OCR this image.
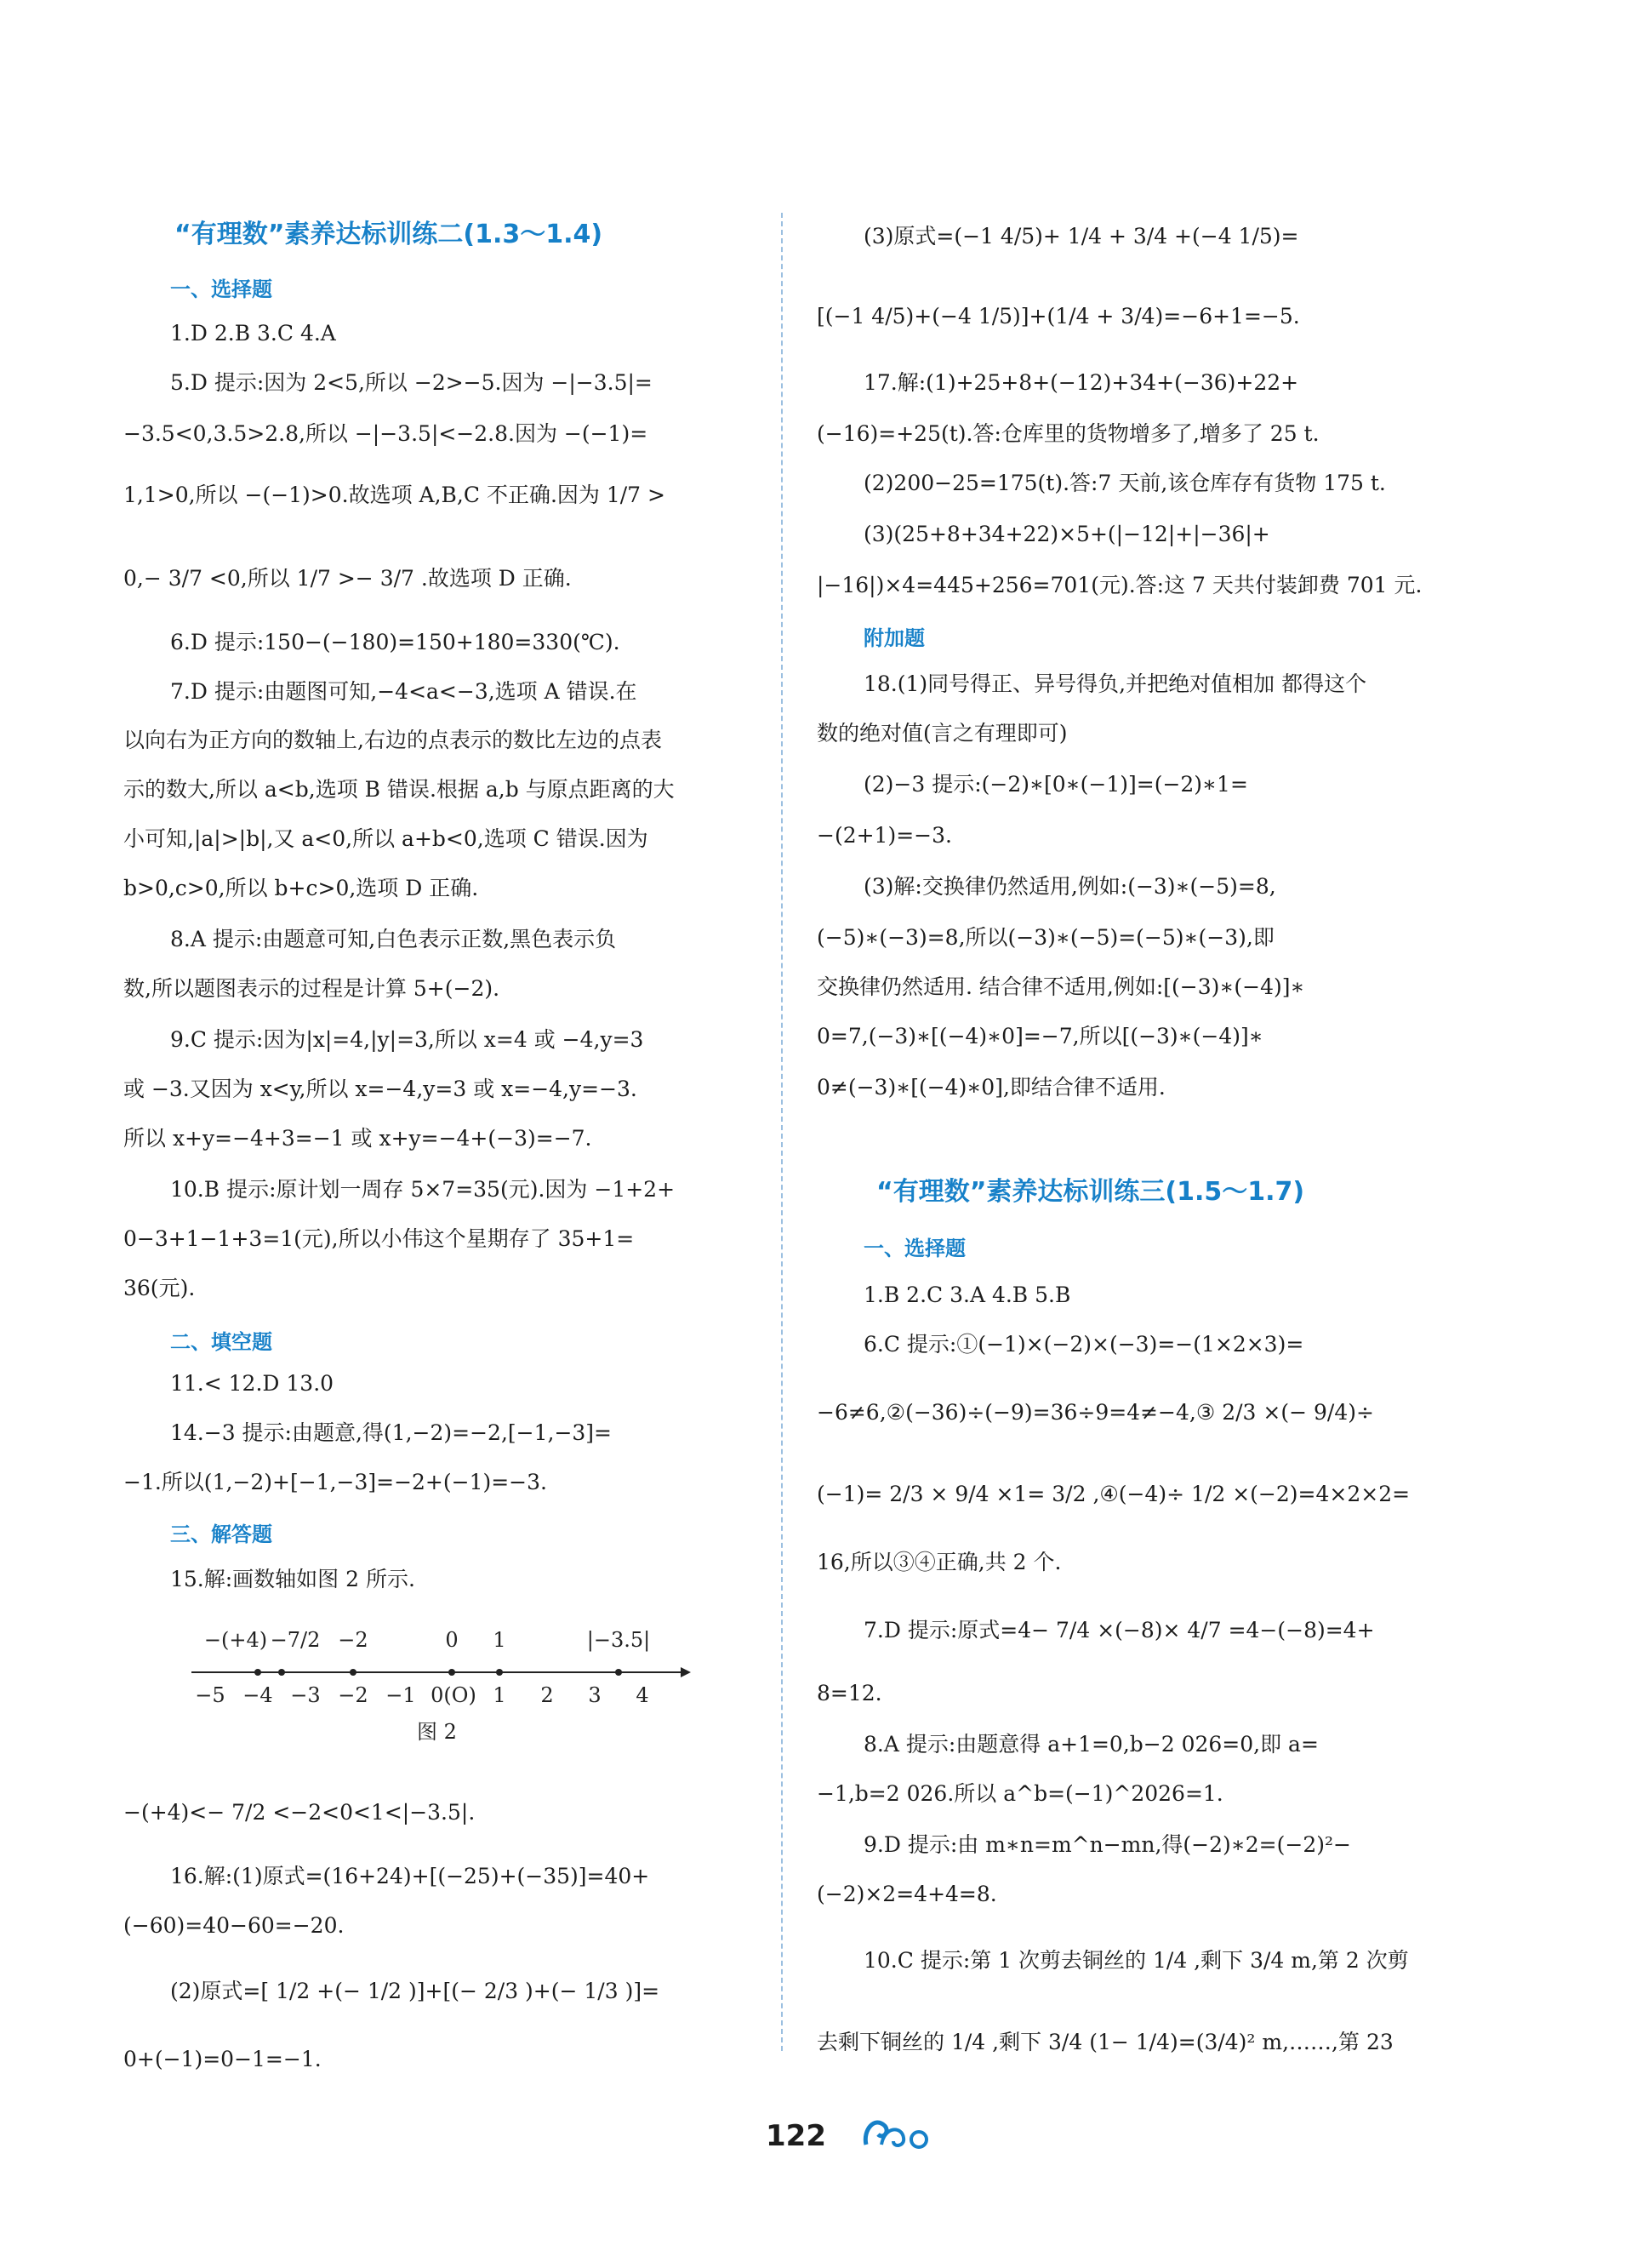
“有理数”素养达标训练二(1.3～1.4)
一、选择题
1.D 2.B 3.C 4.A
5.D 提示:因为 2<5,所以 −2>−5.因为 −|−3.5|=
−3.5<0,3.5>2.8,所以 −|−3.5|<−2.8.因为 −(−1)=
1,1>0,所以 −(−1)>0.故选项 A,B,C 不正确.因为 1/7 >
0,− 3/7 <0,所以 1/7 >− 3/7 .故选项 D 正确.
6.D 提示:150−(−180)=150+180=330(℃).
7.D 提示:由题图可知,−4<a<−3,选项 A 错误.在
以向右为正方向的数轴上,右边的点表示的数比左边的点表
示的数大,所以 a<b,选项 B 错误.根据 a,b 与原点距离的大
小可知,|a|>|b|,又 a<0,所以 a+b<0,选项 C 错误.因为
b>0,c>0,所以 b+c>0,选项 D 正确.
8.A 提示:由题意可知,白色表示正数,黑色表示负
数,所以题图表示的过程是计算 5+(−2).
9.C 提示:因为|x|=4,|y|=3,所以 x=4 或 −4,y=3
或 −3.又因为 x<y,所以 x=−4,y=3 或 x=−4,y=−3.
所以 x+y=−4+3=−1 或 x+y=−4+(−3)=−7.
10.B 提示:原计划一周存 5×7=35(元).因为 −1+2+
0−3+1−1+3=1(元),所以小伟这个星期存了 35+1=
36(元).
二、填空题
11.< 12.D 13.0
14.−3 提示:由题意,得(1,−2)=−2,[−1,−3]=
−1.所以(1,−2)+[−1,−3]=−2+(−1)=−3.
三、解答题
15.解:画数轴如图 2 所示.
−(+4)<− 7/2 <−2<0<1<|−3.5|.
16.解:(1)原式=(16+24)+[(−25)+(−35)]=40+
(−60)=40−60=−20.
(2)原式=[ 1/2 +(− 1/2 )]+[(− 2/3 )+(− 1/3 )]=
0+(−1)=0−1=−1.
−5 −4 −3 −2 −1 0(O) 1 2 3 4
−(+4) −7/2 −2	0 1	|−3.5|
图 2
(3)原式=(−1 4/5)+ 1/4 + 3/4 +(−4 1/5)=
[(−1 4/5)+(−4 1/5)]+(1/4 + 3/4)=−6+1=−5.
17.解:(1)+25+8+(−12)+34+(−36)+22+
(−16)=+25(t).答:仓库里的货物增多了,增多了 25 t.
(2)200−25=175(t).答:7 天前,该仓库存有货物 175 t.
(3)(25+8+34+22)×5+(|−12|+|−36|+
|−16|)×4=445+256=701(元).答:这 7 天共付装卸费 701 元.
附加题
18.(1)同号得正、异号得负,并把绝对值相加 都得这个
数的绝对值(言之有理即可)
(2)−3 提示:(−2)∗[0∗(−1)]=(−2)∗1=
−(2+1)=−3.
(3)解:交换律仍然适用,例如:(−3)∗(−5)=8,
(−5)∗(−3)=8,所以(−3)∗(−5)=(−5)∗(−3),即
交换律仍然适用. 结合律不适用,例如:[(−3)∗(−4)]∗
0=7,(−3)∗[(−4)∗0]=−7,所以[(−3)∗(−4)]∗
0≠(−3)∗[(−4)∗0],即结合律不适用.
“有理数”素养达标训练三(1.5～1.7)
一、选择题
1.B 2.C 3.A 4.B 5.B
6.C 提示:①(−1)×(−2)×(−3)=−(1×2×3)=
−6≠6,②(−36)÷(−9)=36÷9=4≠−4,③ 2/3 ×(− 9/4)÷
(−1)= 2/3 × 9/4 ×1= 3/2 ,④(−4)÷ 1/2 ×(−2)=4×2×2=
16,所以③④正确,共 2 个.
7.D 提示:原式=4− 7/4 ×(−8)× 4/7 =4−(−8)=4+
8=12.
8.A 提示:由题意得 a+1=0,b−2 026=0,即 a=
−1,b=2 026.所以 a^b=(−1)^2026=1.
9.D 提示:由 m∗n=m^n−mn,得(−2)∗2=(−2)²−
(−2)×2=4+4=8.
10.C 提示:第 1 次剪去铜丝的 1/4 ,剩下 3/4 m,第 2 次剪
去剩下铜丝的 1/4 ,剩下 3/4 (1− 1/4)=(3/4)² m,……,第 23
122
